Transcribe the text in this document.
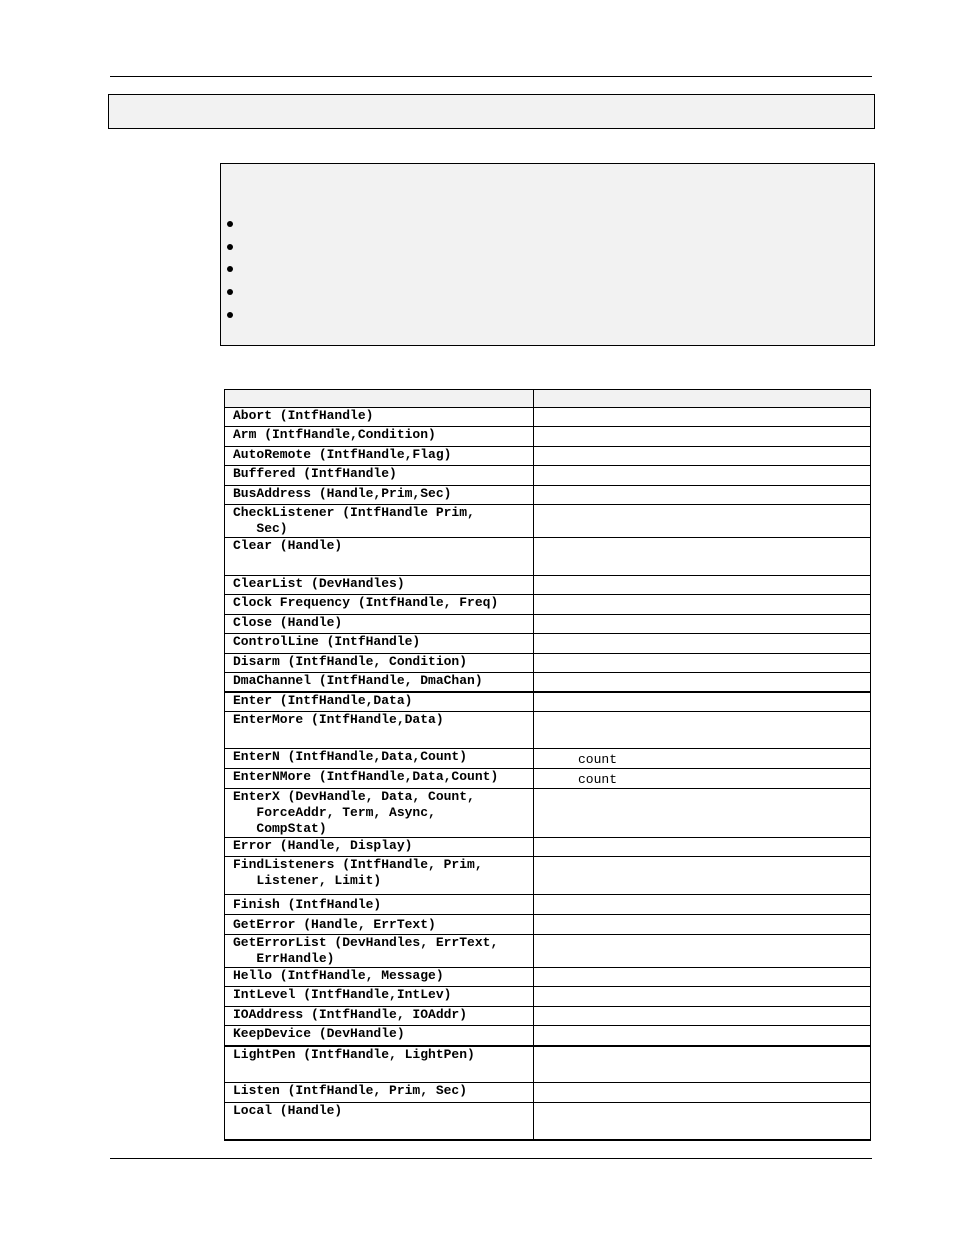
Abort (IntfHandle)	
Arm (IntfHandle,Condition)	
AutoRemote (IntfHandle,Flag)	
Buffered (IntfHandle)	
BusAddress (Handle,Prim,Sec)	
CheckListener (IntfHandle Prim,
Sec)	
Clear (Handle)	
ClearList (DevHandles)	
Clock Frequency (IntfHandle, Freq)	
Close (Handle)	
ControlLine (IntfHandle)	
Disarm (IntfHandle, Condition)	
DmaChannel (IntfHandle, DmaChan)	
Enter (IntfHandle,Data)	
EnterMore (IntfHandle,Data)	
EnterN (IntfHandle,Data,Count)	count
EnterNMore (IntfHandle,Data,Count)	count
EnterX (DevHandle, Data, Count,
ForceAddr, Term, Async,
CompStat)	
Error (Handle, Display)	
FindListeners (IntfHandle, Prim,
Listener, Limit)	
Finish (IntfHandle)	
GetError (Handle, ErrText)	
GetErrorList (DevHandles, ErrText,
ErrHandle)	
Hello (IntfHandle, Message)	
IntLevel (IntfHandle,IntLev)	
IOAddress (IntfHandle, IOAddr)	
KeepDevice (DevHandle)	
LightPen (IntfHandle, LightPen)	
Listen (IntfHandle, Prim, Sec)	
Local (Handle)	
